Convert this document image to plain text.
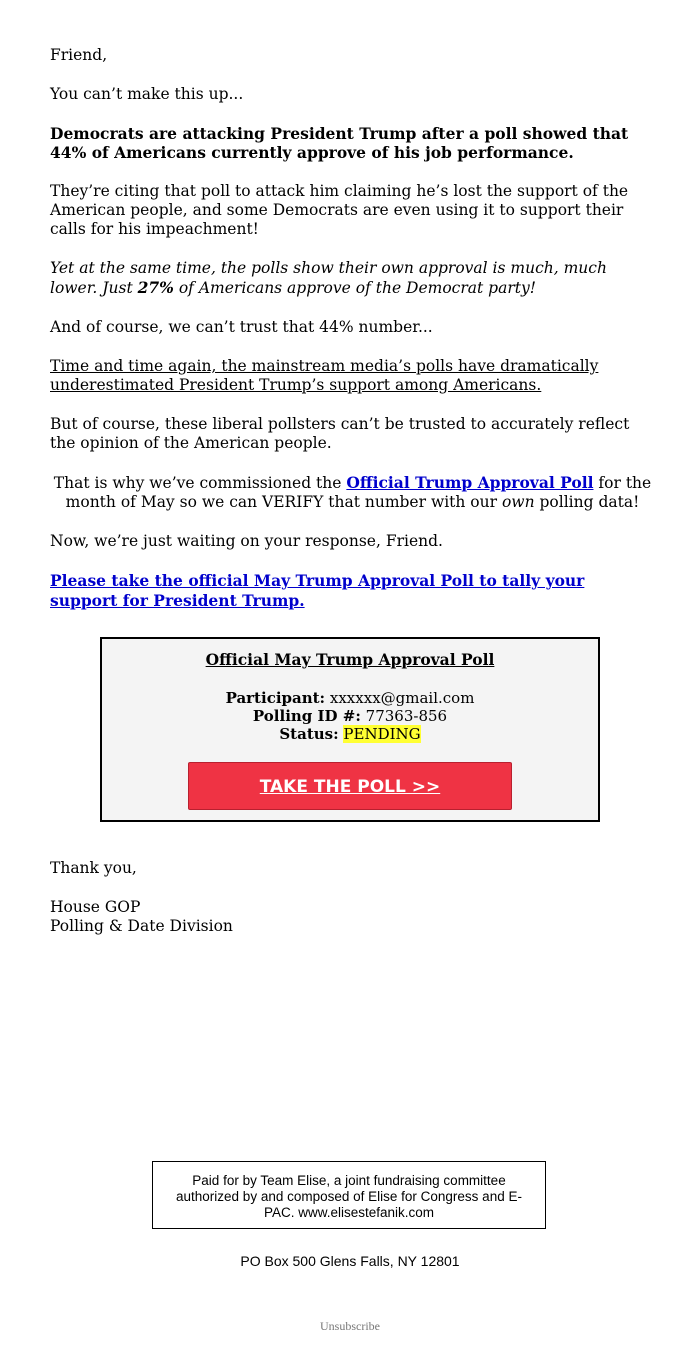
Friend,

You can’t make this up...

Democrats are attacking President Trump after a poll showed that 44% of Americans currently approve of his job performance.

They’re citing that poll to attack him claiming he’s lost the support of the American people, and some Democrats are even using it to support their calls for his impeachment!

Yet at the same time, the polls show their own approval is much, much lower. Just 27% of Americans approve of the Democrat party!

And of course, we can’t trust that 44% number...

Time and time again, the mainstream media’s polls have dramatically underestimated President Trump’s support among Americans.

But of course, these liberal pollsters can’t be trusted to accurately reflect the opinion of the American people.

That is why we’ve commissioned the Official Trump Approval Poll for the month of May so we can VERIFY that number with our own polling data!

Now, we’re just waiting on your response, Friend.

Please take the official May Trump Approval Poll to tally your support for President Trump.

Official May Trump Approval Poll
Participant: xxxxxx@gmail.com
Polling ID #: 77363-856
Status: PENDING
TAKE THE POLL >>

Thank you,

House GOP
Polling & Date Division
Paid for by Team Elise, a joint fundraising committee authorized by and composed of Elise for Congress and E-PAC. www.elisestefanik.com
PO Box 500 Glens Falls, NY 12801
Unsubscribe
